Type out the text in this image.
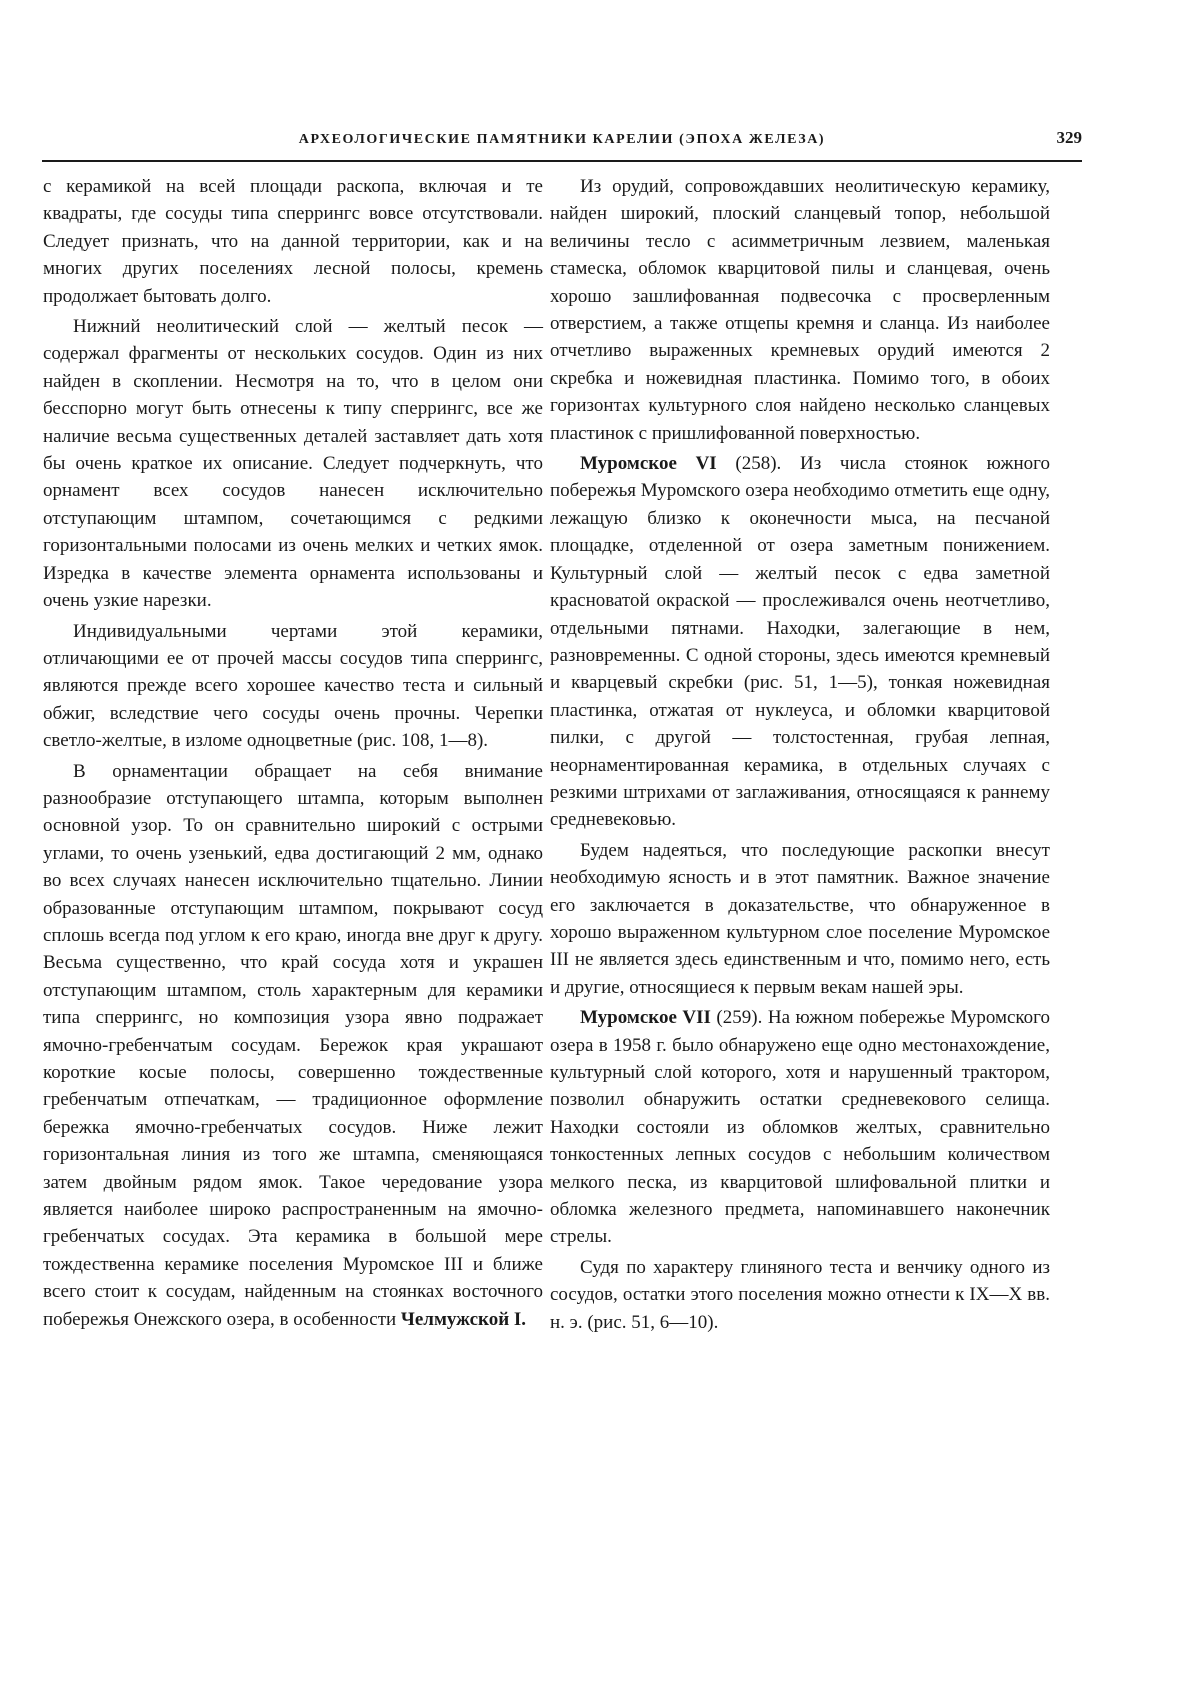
АРХЕОЛОГИЧЕСКИЕ ПАМЯТНИКИ КАРЕЛИИ (ЭПОХА ЖЕЛЕЗА)	329

с керамикой на всей площади раскопа, включая и те квадраты, где сосуды типа сперрингс вовсе отсутствовали. Следует признать, что на данной территории, как и на многих других поселениях лесной полосы, кремень продолжает бытовать долго.

Нижний неолитический слой — желтый песок — содержал фрагменты от нескольких сосудов. Один из них найден в скоплении. Несмотря на то, что в целом они бесспорно могут быть отнесены к типу сперрингс, все же наличие весьма существенных деталей заставляет дать хотя бы очень краткое их описание. Следует подчеркнуть, что орнамент всех сосудов нанесен исключительно отступающим штампом, сочетающимся с редкими горизонтальными полосами из очень мелких и четких ямок. Изредка в качестве элемента орнамента использованы и очень узкие нарезки.

Индивидуальными чертами этой керамики, отличающими ее от прочей массы сосудов типа сперрингс, являются прежде всего хорошее качество теста и сильный обжиг, вследствие чего сосуды очень прочны. Черепки светло-желтые, в изломе одноцветные (рис. 108, 1—8).

В орнаментации обращает на себя внимание разнообразие отступающего штампа, которым выполнен основной узор. То он сравнительно широкий с острыми углами, то очень узенький, едва достигающий 2 мм, однако во всех случаях нанесен исключительно тщательно. Линии образованные отступающим штампом, покрывают сосуд сплошь всегда под углом к его краю, иногда вне друг к другу. Весьма существенно, что край сосуда хотя и украшен отступающим штампом, столь характерным для керамики типа сперрингс, но композиция узора явно подражает ямочно-гребенчатым сосудам. Бережок края украшают короткие косые полосы, совершенно тождественные гребенчатым отпечаткам, — традиционное оформление бережка ямочно-гребенчатых сосудов. Ниже лежит горизонтальная линия из того же штампа, сменяющаяся затем двойным рядом ямок. Такое чередование узора является наиболее широко распространенным на ямочно-гребенчатых сосудах. Эта керамика в большой мере тождественна керамике поселения Муромское III и ближе всего стоит к сосудам, найденным на стоянках восточного побережья Онежского озера, в особенности Челмужской I.

Из орудий, сопровождавших неолитическую керамику, найден широкий, плоский сланцевый топор, небольшой величины тесло с асимметричным лезвием, маленькая стамеска, обломок кварцитовой пилы и сланцевая, очень хорошо зашлифованная подвесочка с просверленным отверстием, а также отщепы кремня и сланца. Из наиболее отчетливо выраженных кремневых орудий имеются 2 скребка и ножевидная пластинка. Помимо того, в обоих горизонтах культурного слоя найдено несколько сланцевых пластинок с пришлифованной поверхностью.

Муромское VI (258). Из числа стоянок южного побережья Муромского озера необходимо отметить еще одну, лежащую близко к оконечности мыса, на песчаной площадке, отделенной от озера заметным понижением. Культурный слой — желтый песок с едва заметной красноватой окраской — прослеживался очень неотчетливо, отдельными пятнами. Находки, залегающие в нем, разновременны. С одной стороны, здесь имеются кремневый и кварцевый скребки (рис. 51, 1—5), тонкая ножевидная пластинка, отжатая от нуклеуса, и обломки кварцитовой пилки, с другой — толстостенная, грубая лепная, неорнаментированная керамика, в отдельных случаях с резкими штрихами от заглаживания, относящаяся к раннему средневековью.

Будем надеяться, что последующие раскопки внесут необходимую ясность и в этот памятник. Важное значение его заключается в доказательстве, что обнаруженное в хорошо выраженном культурном слое поселение Муромское III не является здесь единственным и что, помимо него, есть и другие, относящиеся к первым векам нашей эры.

Муромское VII (259). На южном побережье Муромского озера в 1958 г. было обнаружено еще одно местонахождение, культурный слой которого, хотя и нарушенный трактором, позволил обнаружить остатки средневекового селища. Находки состояли из обломков желтых, сравнительно тонкостенных лепных сосудов с небольшим количеством мелкого песка, из кварцитовой шлифовальной плитки и обломка железного предмета, напоминавшего наконечник стрелы.

Судя по характеру глиняного теста и венчику одного из сосудов, остатки этого поселения можно отнести к IX—X вв. н. э. (рис. 51, 6—10).
